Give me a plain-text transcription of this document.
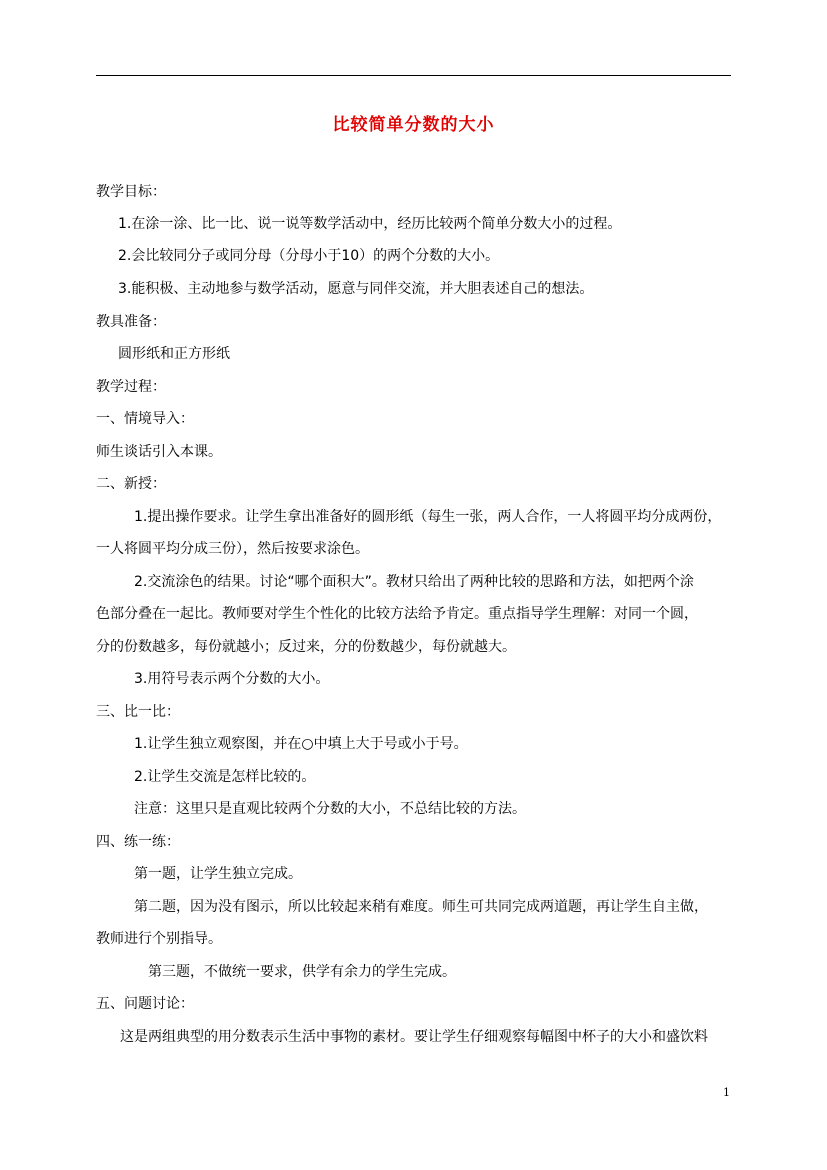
比较简单分数的大小
教学目标：
1.在涂一涂、比一比、说一说等数学活动中，经历比较两个简单分数大小的过程。
2.会比较同分子或同分母（分母小于10）的两个分数的大小。
3.能积极、主动地参与数学活动，愿意与同伴交流，并大胆表述自己的想法。
教具准备：
圆形纸和正方形纸
教学过程：
一、情境导入：
师生谈话引入本课。
二、新授：
1.提出操作要求。让学生拿出准备好的圆形纸（每生一张，两人合作，一人将圆平均分成两份，
一人将圆平均分成三份），然后按要求涂色。
2.交流涂色的结果。讨论“哪个面积大”。教材只给出了两种比较的思路和方法，如把两个涂
色部分叠在一起比。教师要对学生个性化的比较方法给予肯定。重点指导学生理解：对同一个圆，
分的份数越多，每份就越小；反过来，分的份数越少，每份就越大。
3.用符号表示两个分数的大小。
三、比一比：
1.让学生独立观察图，并在○中填上大于号或小于号。
2.让学生交流是怎样比较的。
注意：这里只是直观比较两个分数的大小，不总结比较的方法。
四、练一练：
第一题，让学生独立完成。
第二题，因为没有图示，所以比较起来稍有难度。师生可共同完成两道题，再让学生自主做，
教师进行个别指导。
第三题，不做统一要求，供学有余力的学生完成。
五、问题讨论：
这是两组典型的用分数表示生活中事物的素材。要让学生仔细观察每幅图中杯子的大小和盛饮料
1
